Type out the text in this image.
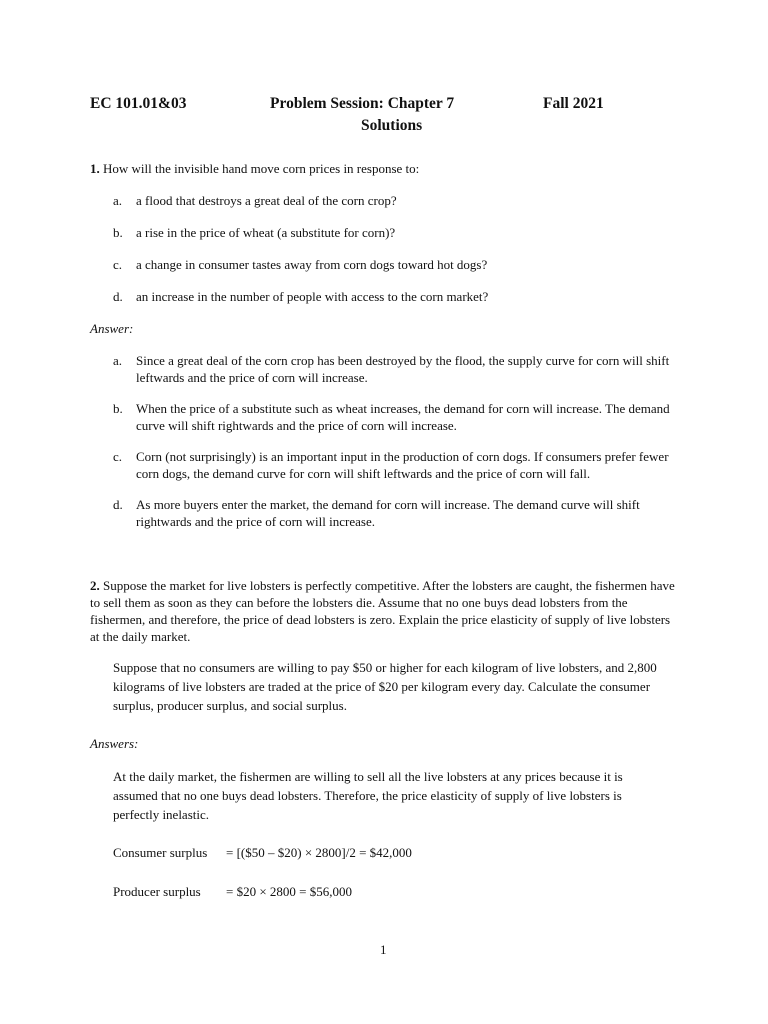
EC 101.01&03	Problem Session: Chapter 7	Fall 2021
Solutions
1. How will the invisible hand move corn prices in response to:
a. a flood that destroys a great deal of the corn crop?
b. a rise in the price of wheat (a substitute for corn)?
c. a change in consumer tastes away from corn dogs toward hot dogs?
d. an increase in the number of people with access to the corn market?
Answer:
a. Since a great deal of the corn crop has been destroyed by the flood, the supply curve for corn will shift leftwards and the price of corn will increase.
b. When the price of a substitute such as wheat increases, the demand for corn will increase. The demand curve will shift rightwards and the price of corn will increase.
c. Corn (not surprisingly) is an important input in the production of corn dogs. If consumers prefer fewer corn dogs, the demand curve for corn will shift leftwards and the price of corn will fall.
d. As more buyers enter the market, the demand for corn will increase. The demand curve will shift rightwards and the price of corn will increase.
2. Suppose the market for live lobsters is perfectly competitive. After the lobsters are caught, the fishermen have to sell them as soon as they can before the lobsters die. Assume that no one buys dead lobsters from the fishermen, and therefore, the price of dead lobsters is zero. Explain the price elasticity of supply of live lobsters at the daily market.
Suppose that no consumers are willing to pay $50 or higher for each kilogram of live lobsters, and 2,800 kilograms of live lobsters are traded at the price of $20 per kilogram every day. Calculate the consumer surplus, producer surplus, and social surplus.
Answers:
At the daily market, the fishermen are willing to sell all the live lobsters at any prices because it is assumed that no one buys dead lobsters. Therefore, the price elasticity of supply of live lobsters is perfectly inelastic.
Consumer surplus = [($50 – $20) × 2800]/2 = $42,000
Producer surplus = $20 × 2800 = $56,000
1
